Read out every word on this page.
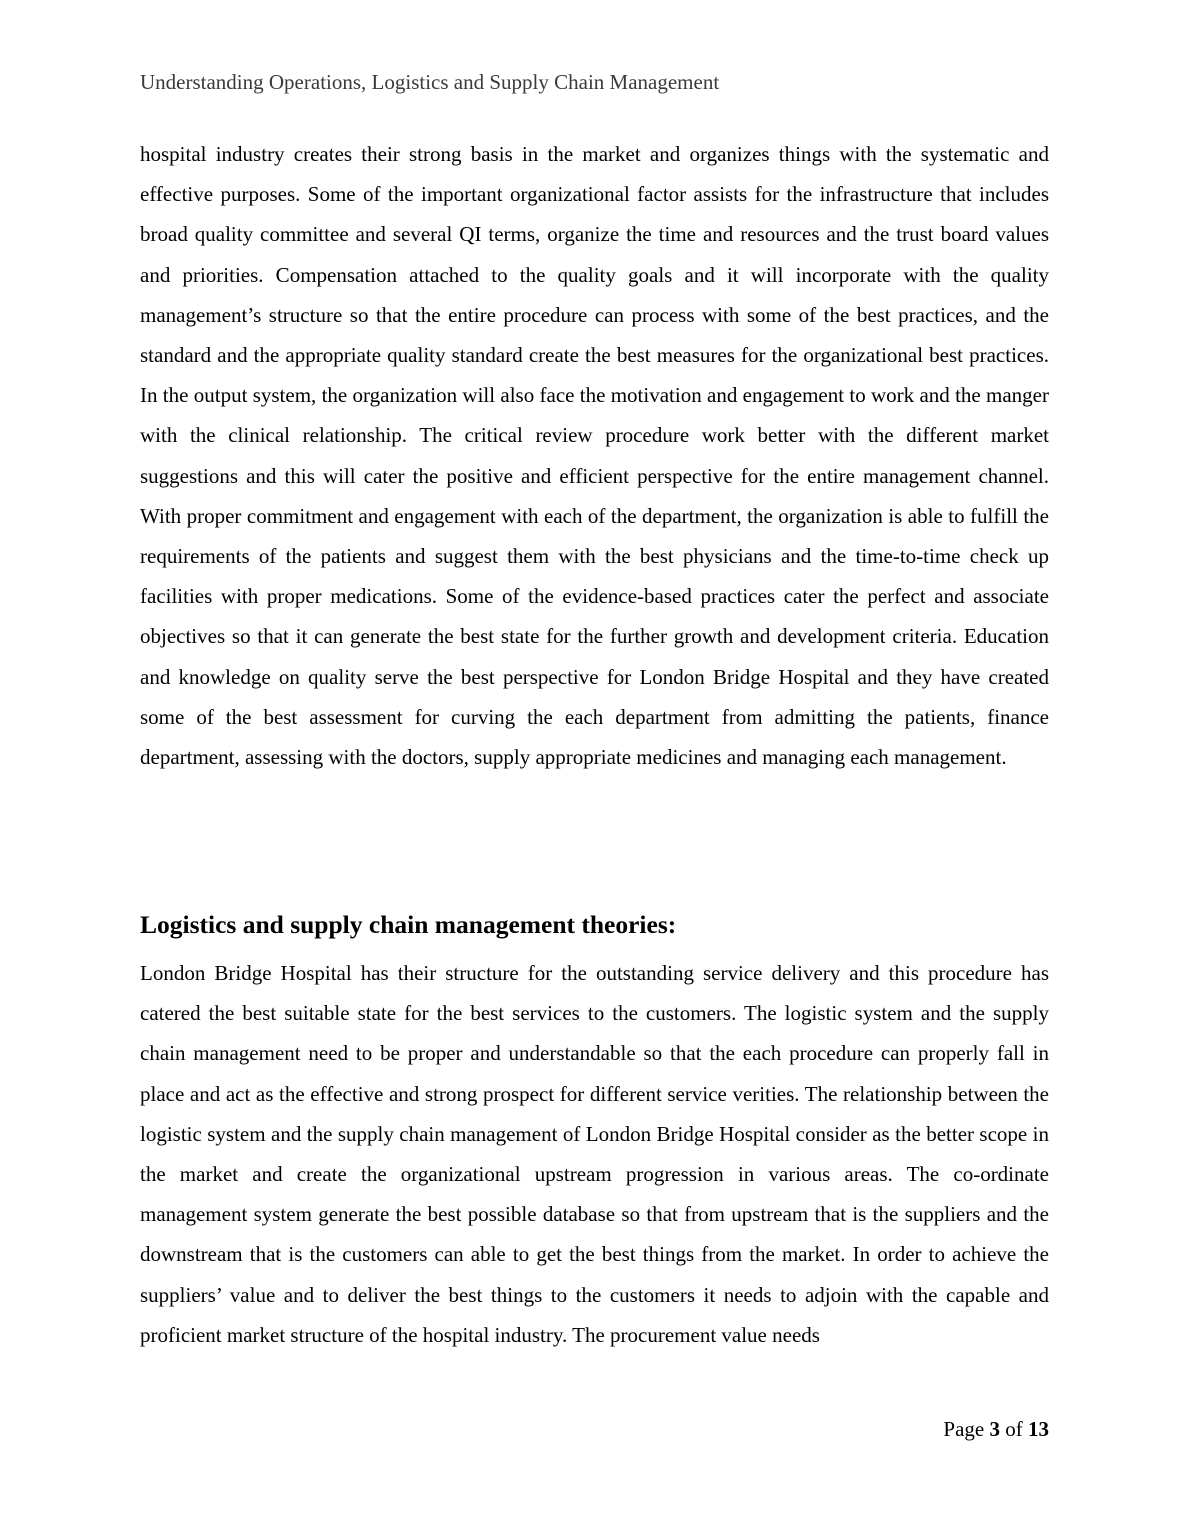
Understanding Operations, Logistics and Supply Chain Management

hospital industry creates their strong basis in the market and organizes things with the systematic and effective purposes. Some of the important organizational factor assists for the infrastructure that includes broad quality committee and several QI terms, organize the time and resources and the trust board values and priorities. Compensation attached to the quality goals and it will incorporate with the quality management’s structure so that the entire procedure can process with some of the best practices, and the standard and the appropriate quality standard create the best measures for the organizational best practices. In the output system, the organization will also face the motivation and engagement to work and the manger with the clinical relationship. The critical review procedure work better with the different market suggestions and this will cater the positive and efficient perspective for the entire management channel. With proper commitment and engagement with each of the department, the organization is able to fulfill the requirements of the patients and suggest them with the best physicians and the time-to-time check up facilities with proper medications. Some of the evidence-based practices cater the perfect and associate objectives so that it can generate the best state for the further growth and development criteria. Education and knowledge on quality serve the best perspective for London Bridge Hospital and they have created some of the best assessment for curving the each department from admitting the patients, finance department, assessing with the doctors, supply appropriate medicines and managing each management.

Logistics and supply chain management theories:

London Bridge Hospital has their structure for the outstanding service delivery and this procedure has catered the best suitable state for the best services to the customers. The logistic system and the supply chain management need to be proper and understandable so that the each procedure can properly fall in place and act as the effective and strong prospect for different service verities. The relationship between the logistic system and the supply chain management of London Bridge Hospital consider as the better scope in the market and create the organizational upstream progression in various areas. The co-ordinate management system generate the best possible database so that from upstream that is the suppliers and the downstream that is the customers can able to get the best things from the market. In order to achieve the suppliers’ value and to deliver the best things to the customers it needs to adjoin with the capable and proficient market structure of the hospital industry. The procurement value needs

Page 3 of 13
